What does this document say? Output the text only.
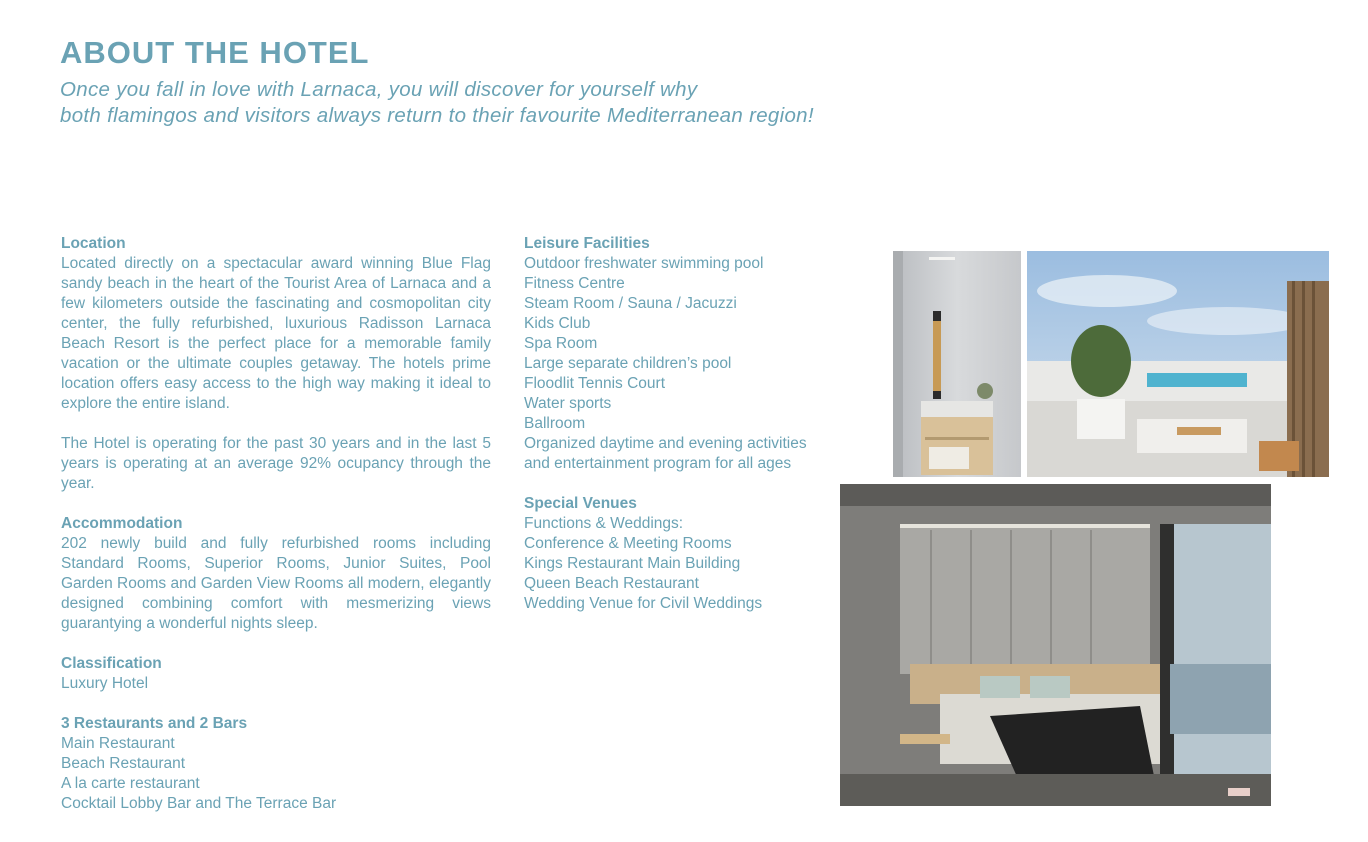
ABOUT THE HOTEL
Once you fall in love with Larnaca, you will discover for yourself why
both flamingos and visitors always return to their favourite Mediterranean region!
Location
Located directly on a spectacular award winning Blue Flag sandy beach in the heart of the Tourist Area of Larnaca and a few kilometers outside the fascinating and cosmopolitan city center, the fully refurbished, luxurious Radisson Larnaca Beach Resort is the perfect place for a memorable family vacation or the ultimate couples getaway. The hotels prime location offers easy access to the high way making it ideal to explore the entire island.
The Hotel is operating for the past 30 years and in the last 5 years is operating at an average 92% ocupancy through the year.
Accommodation
202 newly build and fully refurbished rooms including Standard Rooms, Superior Rooms, Junior Suites, Pool Garden Rooms and Garden View Rooms all modern, elegantly designed combining comfort with mesmerizing views guarantying a wonderful nights sleep.
Classification
Luxury Hotel
3 Restaurants and 2 Bars
Main Restaurant
Beach Restaurant
A la carte restaurant
Cocktail Lobby Bar and The Terrace Bar
Leisure Facilities
Outdoor freshwater swimming pool
Fitness Centre
Steam Room / Sauna / Jacuzzi
Kids Club
Spa Room
Large separate children’s pool
Floodlit Tennis Court
Water sports
Ballroom
Organized daytime and evening activities
and entertainment program for all ages
Special Venues
Functions & Weddings:
Conference & Meeting Rooms
Kings Restaurant Main Building
Queen Beach Restaurant
Wedding Venue for Civil Weddings
